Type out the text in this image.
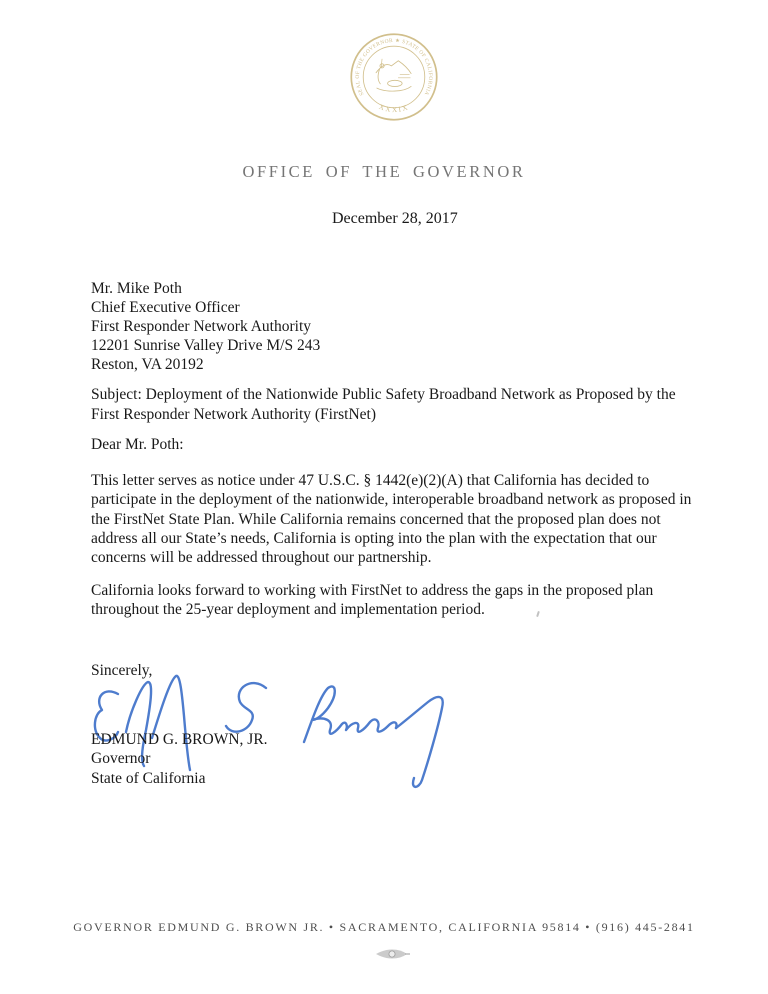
SEAL OF THE GOVERNOR ★ STATE OF CALIFORNIA
XXXIX
OFFICE OF THE GOVERNOR
December 28, 2017
Mr. Mike Poth
Chief Executive Officer
First Responder Network Authority
12201 Sunrise Valley Drive M/S 243
Reston, VA 20192
Subject: Deployment of the Nationwide Public Safety Broadband Network as Proposed by the
First Responder Network Authority (FirstNet)
Dear Mr. Poth:
This letter serves as notice under 47 U.S.C. § 1442(e)(2)(A) that California has decided to
participate in the deployment of the nationwide, interoperable broadband network as proposed in
the FirstNet State Plan. While California remains concerned that the proposed plan does not
address all our State’s needs, California is opting into the plan with the expectation that our
concerns will be addressed throughout our partnership.
California looks forward to working with FirstNet to address the gaps in the proposed plan
throughout the 25-year deployment and implementation period.
Sincerely,
EDMUND G. BROWN, JR.
Governor
State of California
GOVERNOR EDMUND G. BROWN JR. • SACRAMENTO, CALIFORNIA 95814 • (916) 445-2841
